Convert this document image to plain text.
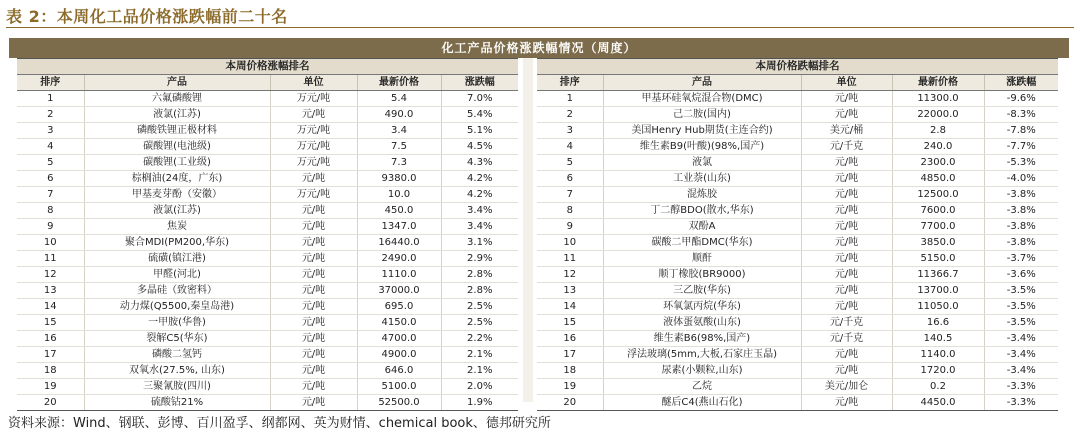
表 2：本周化工品价格涨跌幅前二十名
化工产品价格涨跌幅情况（周度）
本周价格涨幅排名				
排序	产品	单位	最新价格	涨跌幅
1	六氟磷酸锂	万元/吨	5.4	7.0%
2	液氯(江苏)	元/吨	490.0	5.4%
3	磷酸铁锂正极材料	万元/吨	3.4	5.1%
4	碳酸锂(电池级)	万元/吨	7.5	4.5%
5	碳酸锂(工业级)	万元/吨	7.3	4.3%
6	棕榈油(24度，广东)	元/吨	9380.0	4.2%
7	甲基麦芽酚（安徽）	万元/吨	10.0	4.2%
8	液氯(江苏)	元/吨	450.0	3.4%
9	焦炭	元/吨	1347.0	3.4%
10	聚合MDI(PM200,华东)	元/吨	16440.0	3.1%
11	硫磺(镇江港)	元/吨	2490.0	2.9%
12	甲醛(河北)	元/吨	1110.0	2.8%
13	多晶硅（致密料）	元/吨	37000.0	2.8%
14	动力煤(Q5500,秦皇岛港)	元/吨	695.0	2.5%
15	一甲胺(华鲁)	元/吨	4150.0	2.5%
16	裂解C5(华东)	元/吨	4700.0	2.2%
17	磷酸二氢钙	元/吨	4900.0	2.1%
18	双氧水(27.5%, 山东)	元/吨	646.0	2.1%
19	三聚氰胺(四川)	元/吨	5100.0	2.0%
20	硫酸钴21%	元/吨	52500.0	1.9%
本周价格跌幅排名				
排序	产品	单位	最新价格	涨跌幅
1	甲基环硅氧烷混合物(DMC)	元/吨	11300.0	-9.6%
2	己二胺(国内)	元/吨	22000.0	-8.3%
3	美国Henry Hub期货(主连合约)	美元/桶	2.8	-7.8%
4	维生素B9(叶酸)(98%,国产)	元/千克	240.0	-7.7%
5	液氯	元/吨	2300.0	-5.3%
6	工业萘(山东)	元/吨	4850.0	-4.0%
7	混炼胶	元/吨	12500.0	-3.8%
8	丁二醇BDO(散水,华东)	元/吨	7600.0	-3.8%
9	双酚A	元/吨	7700.0	-3.8%
10	碳酸二甲酯DMC(华东)	元/吨	3850.0	-3.8%
11	顺酐	元/吨	5150.0	-3.7%
12	顺丁橡胶(BR9000)	元/吨	11366.7	-3.6%
13	三乙胺(华东)	元/吨	13700.0	-3.5%
14	环氧氯丙烷(华东)	元/吨	11050.0	-3.5%
15	液体蛋氨酸(山东)	元/千克	16.6	-3.5%
16	维生素B6(98%,国产)	元/千克	140.5	-3.4%
17	浮法玻璃(5mm,大板,石家庄玉晶)	元/吨	1140.0	-3.4%
18	尿素(小颗粒,山东)	元/吨	1720.0	-3.4%
19	乙烷	美元/加仑	0.2	-3.3%
20	醚后C4(燕山石化)	元/吨	4450.0	-3.3%
资料来源：Wind、钢联、彭博、百川盈孚、纲都网、英为财情、chemical book、德邦研究所
